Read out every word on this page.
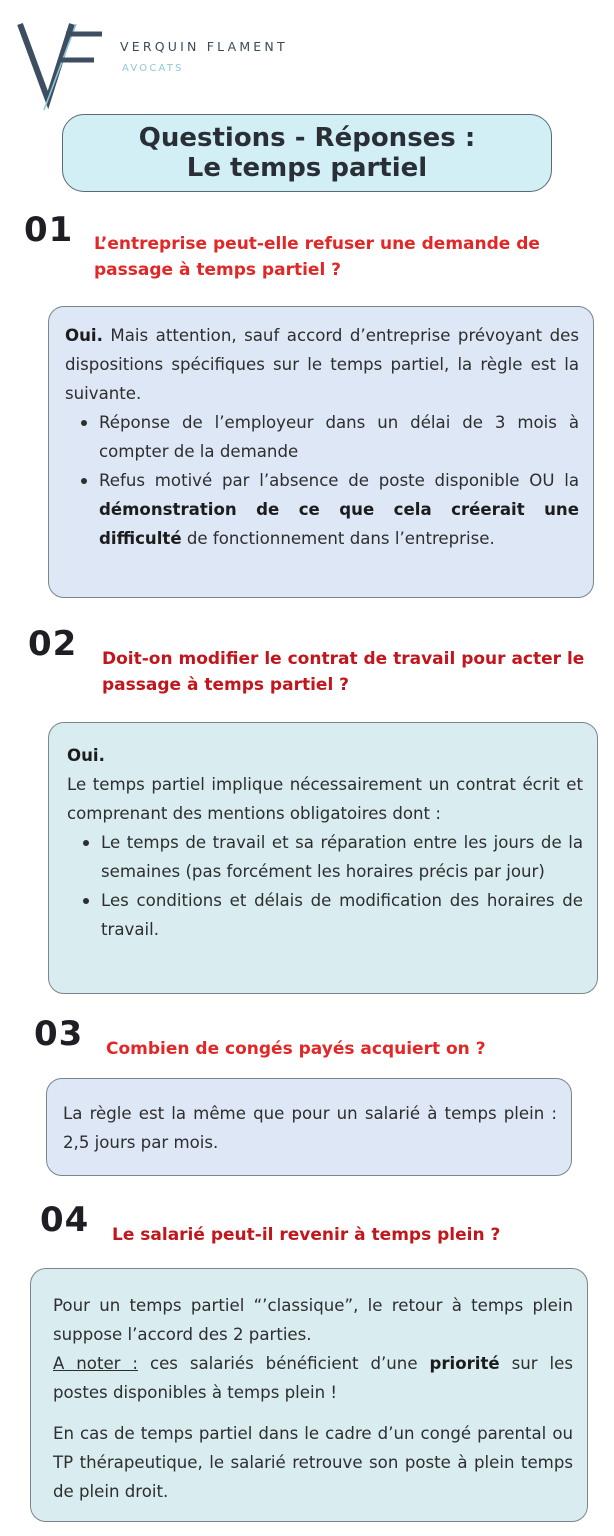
VERQUIN FLAMENT
AVOCATS
Questions - Réponses :
Le temps partiel
01 L’entreprise peut-elle refuser une demande de passage à temps partiel ?

Oui. Mais attention, sauf accord d’entreprise prévoyant des dispositions spécifiques sur le temps partiel, la règle est la suivante.

Réponse de l’employeur dans un délai de 3 mois à compter de la demande
Refus motivé par l’absence de poste disponible OU la démonstration de ce que cela créerait une difficulté de fonctionnement dans l’entreprise.
02 Doit-on modifier le contrat de travail pour acter le passage à temps partiel ?

Oui.

Le temps partiel implique nécessairement un contrat écrit et comprenant des mentions obligatoires dont :

Le temps de travail et sa réparation entre les jours de la semaines (pas forcément les horaires précis par jour)
Les conditions et délais de modification des horaires de travail.
03 Combien de congés payés acquiert on ?

La règle est la même que pour un salarié à temps plein : 2,5 jours par mois.

04 Le salarié peut-il revenir à temps plein ?

Pour un temps partiel “’classique”, le retour à temps plein suppose l’accord des 2 parties.

A noter : ces salariés bénéficient d’une priorité sur les postes disponibles à temps plein !

En cas de temps partiel dans le cadre d’un congé parental ou TP thérapeutique, le salarié retrouve son poste à plein temps de plein droit.
